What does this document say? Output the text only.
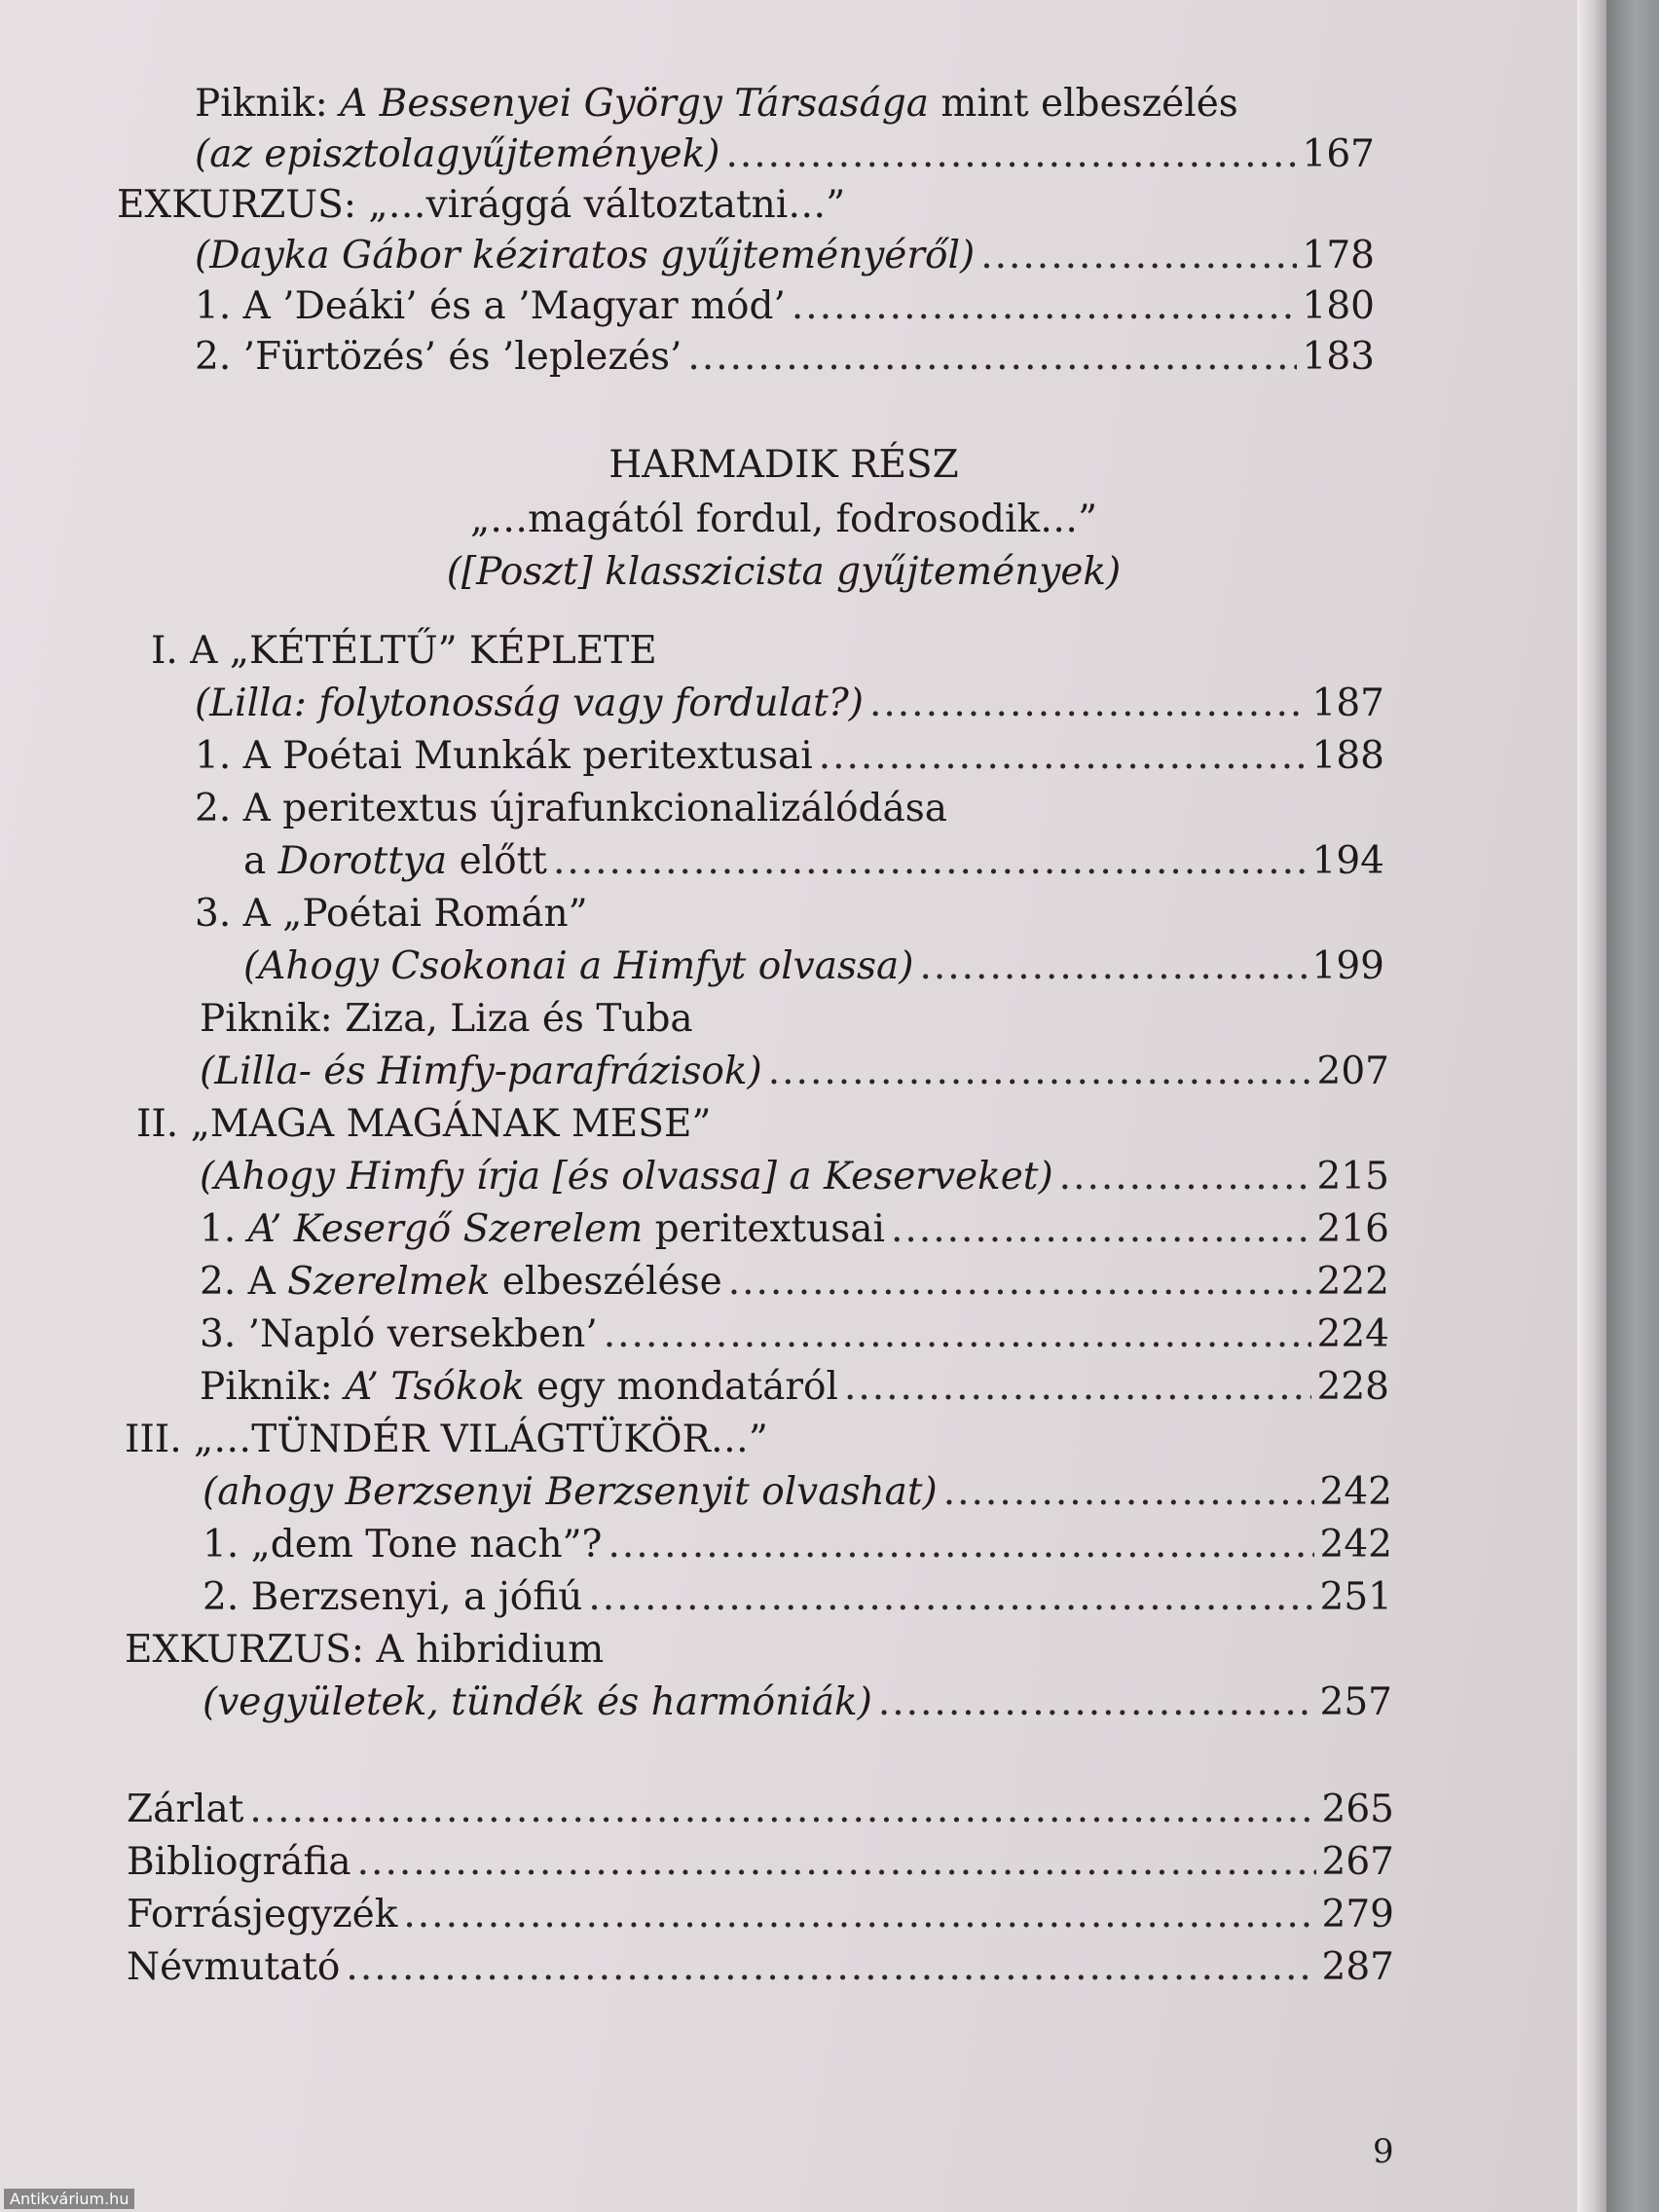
Piknik: A Bessenyei György Társasága mint elbeszélés
(az episztolagyűjtemények) .....	167
EXKURZUS: „…virággá változtatni…”
(Dayka Gábor kéziratos gyűjteményéről) .....	178
1. A ’Deáki’ és a ’Magyar mód’ .....	180
2. ’Fürtözés’ és ’leplezés’ .....	183
HARMADIK RÉSZ
„…magától fordul, fodrosodik…”
([Poszt] klasszicista gyűjtemények)
I. A „KÉTÉLTŰ” KÉPLETE
(Lilla: folytonosság vagy fordulat?) .....	187
1. A Poétai Munkák peritextusai .....	188
2. A peritextus újrafunkcionalizálódása
a Dorottya előtt .....	194
3. A „Poétai Román”
(Ahogy Csokonai a Himfyt olvassa) .....	199
Piknik: Ziza, Liza és Tuba
(Lilla- és Himfy-parafrázisok) .....	207
II. „MAGA MAGÁNAK MESE”
(Ahogy Himfy írja [és olvassa] a Keserveket) .....	215
1. A’ Kesergő Szerelem peritextusai .....	216
2. A Szerelmek elbeszélése .....	222
3. ’Napló versekben’ .....	224
Piknik: A’ Tsókok egy mondatáról .....	228
III. „…TÜNDÉR VILÁGTÜKÖR…”
(ahogy Berzsenyi Berzsenyit olvashat) .....	242
1. „dem Tone nach”? .....	242
2. Berzsenyi, a jófiú .....	251
EXKURZUS: A hibridium
(vegyületek, tündék és harmóniák) .....	257
Zárlat .....	265
Bibliográfia .....	267
Forrásjegyzék .....	279
Névmutató .....	287
9
Antikvárium.hu
